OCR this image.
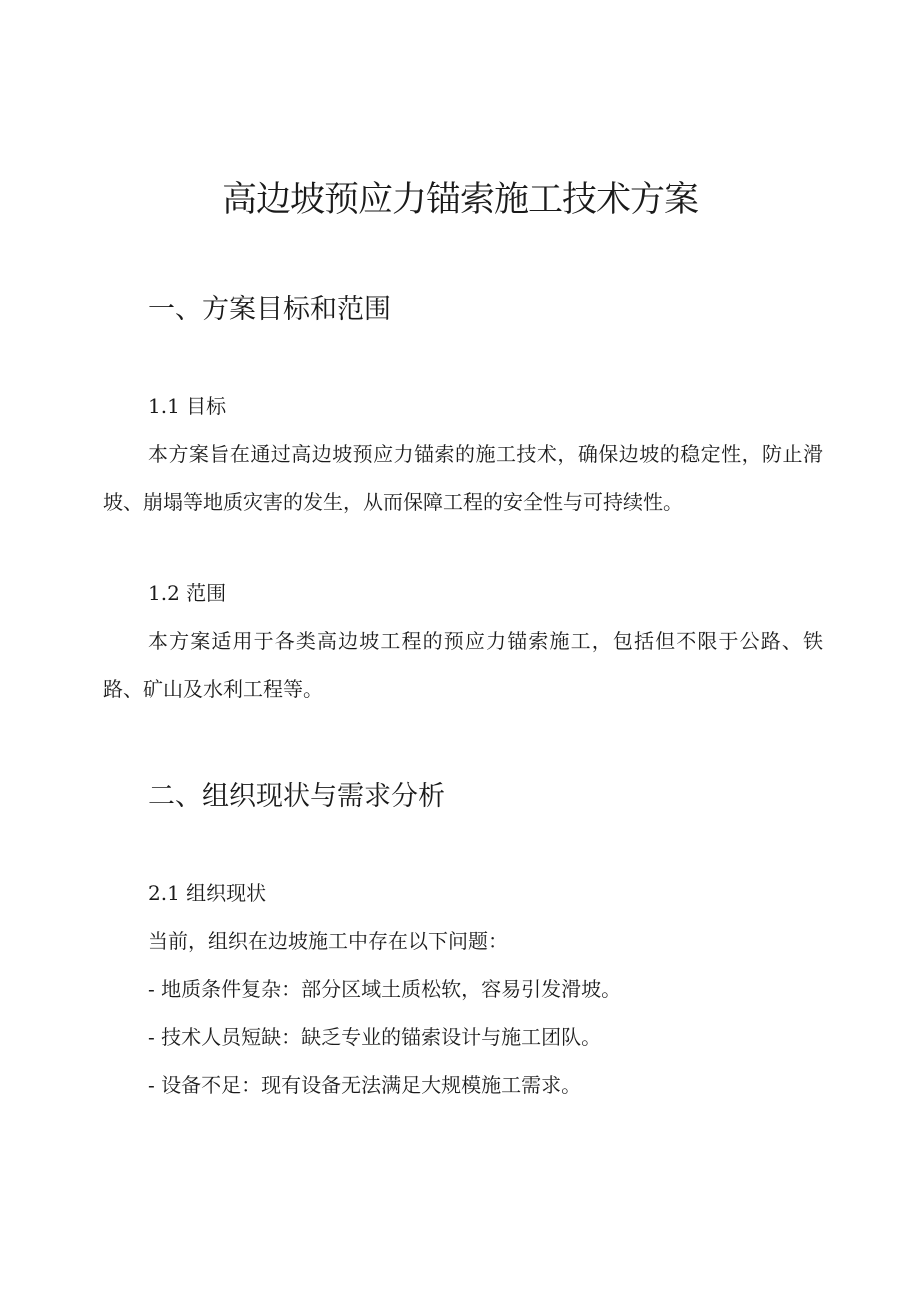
高边坡预应力锚索施工技术方案
一、方案目标和范围
1.1 目标

本方案旨在通过高边坡预应力锚索的施工技术，确保边坡的稳定性，防止滑坡、崩塌等地质灾害的发生，从而保障工程的安全性与可持续性。

1.2 范围

本方案适用于各类高边坡工程的预应力锚索施工，包括但不限于公路、铁路、矿山及水利工程等。

二、组织现状与需求分析
2.1 组织现状

当前，组织在边坡施工中存在以下问题：

- 地质条件复杂：部分区域土质松软，容易引发滑坡。

- 技术人员短缺：缺乏专业的锚索设计与施工团队。

- 设备不足：现有设备无法满足大规模施工需求。
